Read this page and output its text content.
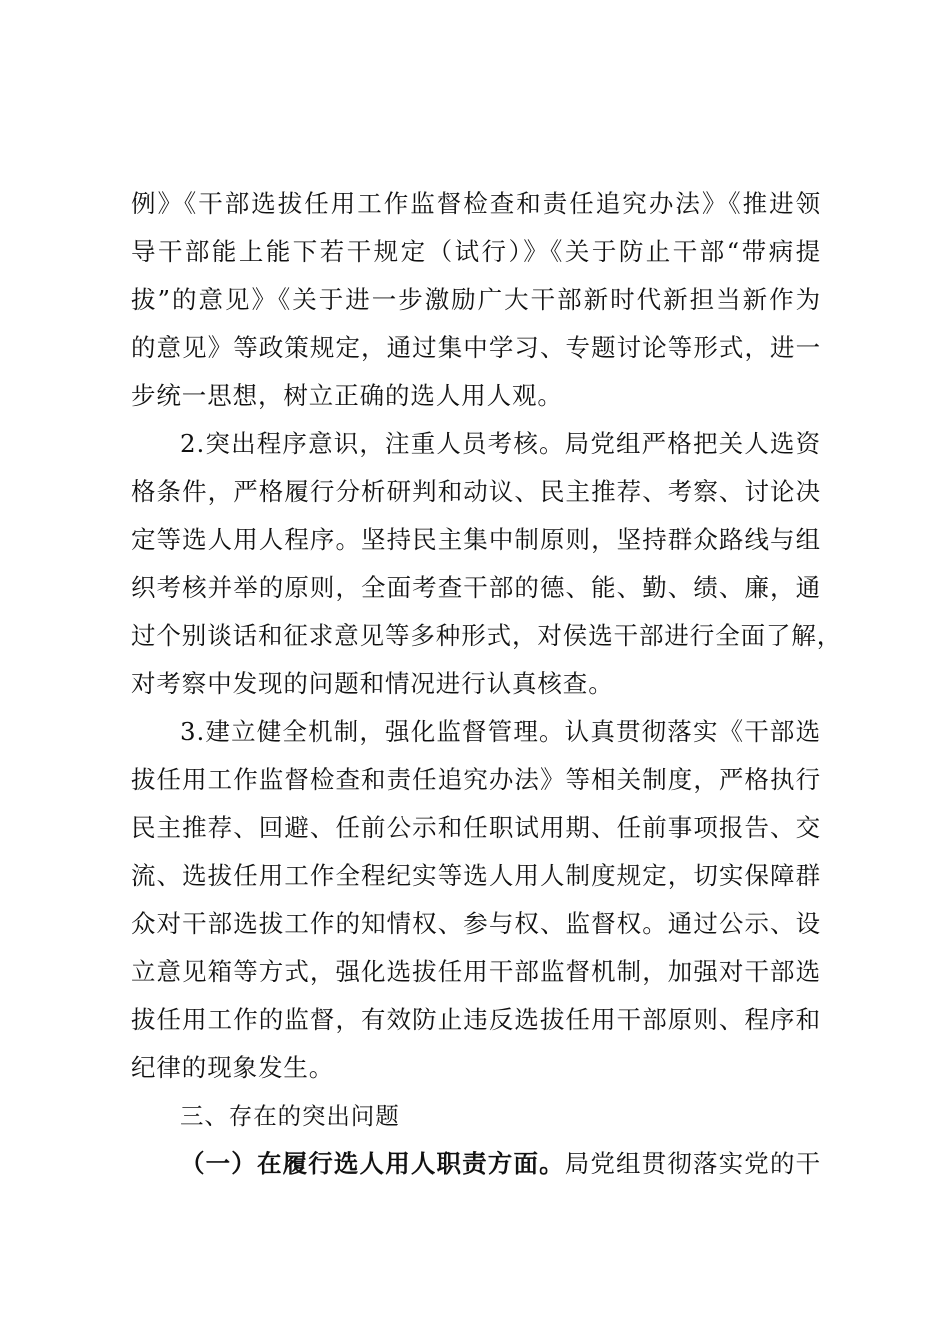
例》《干部选拔任用工作监督检查和责任追究办法》《推进领
导干部能上能下若干规定（试行）》《关于防止干部“带病提
拔”的意见》《关于进一步激励广大干部新时代新担当新作为
的意见》等政策规定，通过集中学习、专题讨论等形式，进一
步统一思想，树立正确的选人用人观。
2.突出程序意识，注重人员考核。局党组严格把关人选资
格条件，严格履行分析研判和动议、民主推荐、考察、讨论决
定等选人用人程序。坚持民主集中制原则，坚持群众路线与组
织考核并举的原则，全面考查干部的德、能、勤、绩、廉，通
过个别谈话和征求意见等多种形式，对侯选干部进行全面了解，
对考察中发现的问题和情况进行认真核查。
3.建立健全机制，强化监督管理。认真贯彻落实《干部选
拔任用工作监督检查和责任追究办法》等相关制度，严格执行
民主推荐、回避、任前公示和任职试用期、任前事项报告、交
流、选拔任用工作全程纪实等选人用人制度规定，切实保障群
众对干部选拔工作的知情权、参与权、监督权。通过公示、设
立意见箱等方式，强化选拔任用干部监督机制，加强对干部选
拔任用工作的监督，有效防止违反选拔任用干部原则、程序和
纪律的现象发生。
三、存在的突出问题
（一）在履行选人用人职责方面。局党组贯彻落实党的干
